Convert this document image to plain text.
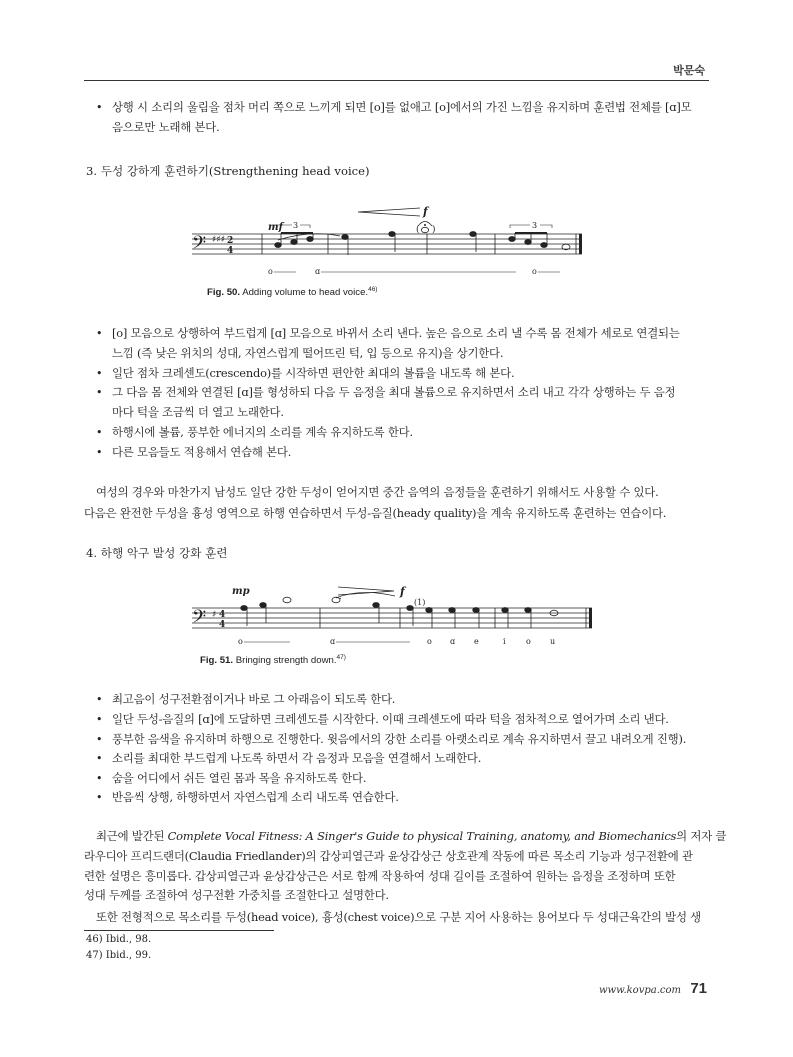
박문숙
• 상행 시 소리의 울림을 점차 머리 쪽으로 느끼게 되면 [o]를 없애고 [o]에서의 가진 느낌을 유지하며 훈련법 전체를 [ɑ]모
음으로만 노래해 본다.
3. 두성 강하게 훈련하기(Strengthening head voice)
𝄢 ♯♯♯ 2
4
mf
f
3	3
( )
o	ɑ	o
Fig. 50. Adding volume to head voice.$^{46)}$
• [o] 모음으로 상행하여 부드럽게 [ɑ] 모음으로 바뀌서 소리 낸다. 높은 음으로 소리 낼 수록 몸 전체가 세로로 연결되는
느낌 (즉 낮은 위치의 성대, 자연스럽게 떨어뜨린 턱, 입 등으로 유지)을 상기한다.
• 일단 점차 크레센도(crescendo)를 시작하면 편안한 최대의 볼륨을 내도록 해 본다.
• 그 다음 몸 전체와 연결된 [ɑ]를 형성하되 다음 두 음정을 최대 볼륨으로 유지하면서 소리 내고 각각 상행하는 두 음정
마다 턱을 조금씩 더 열고 노래한다.
• 하행시에 볼륨, 풍부한 에너지의 소리를 계속 유지하도록 한다.
• 다른 모음들도 적용해서 연습해 본다.
여성의 경우와 마찬가지 남성도 일단 강한 두성이 얻어지면 중간 음역의 음정들을 훈련하기 위해서도 사용할 수 있다.
다음은 완전한 두성을 흉성 영역으로 하행 연습하면서 두성-음질(heady quality)을 계속 유지하도록 훈련하는 연습이다.
4. 하행 악구 발성 강화 훈련
𝄢 ♯ 4
4
mp	f
.
(1)
o	ɑ	o ɑ e	i	o u
Fig. 51. Bringing strength down.$^{47)}$
• 최고음이 성구전환점이거나 바로 그 아래음이 되도록 한다.
• 일단 두성-음질의 [ɑ]에 도달하면 크레센도를 시작한다. 이때 크레센도에 따라 턱을 점차적으로 열어가며 소리 낸다.
• 풍부한 음색을 유지하며 하행으로 진행한다. 윗음에서의 강한 소리를 아랫소리로 계속 유지하면서 끌고 내려오게 진행).
• 소리를 최대한 부드럽게 나도록 하면서 각 음정과 모음을 연결해서 노래한다.
• 숨을 어디에서 쉬든 열린 몸과 목을 유지하도록 한다.
• 반음씩 상행, 하행하면서 자연스럽게 소리 내도록 연습한다.
최근에 발간된 Complete Vocal Fitness: A Singer's Guide to physical Training, anatomy, and Biomechanics의 저자 클
라우디아 프리드랜더(Claudia Friedlander)의 갑상피열근과 윤상갑상근 상호관계 작동에 따른 목소리 기능과 성구전환에 관
련한 설명은 흥미롭다. 갑상피열근과 윤상갑상근은 서로 함께 작용하여 성대 길이를 조절하여 원하는 음정을 조정하며 또한
성대 두께를 조절하여 성구전환 가중치를 조절한다고 설명한다.
또한 전형적으로 목소리를 두성(head voice), 흉성(chest voice)으로 구분 지어 사용하는 용어보다 두 성대근육간의 발성 생
46) Ibid., 98.
47) Ibid., 99.
www.kovpa.com 71
